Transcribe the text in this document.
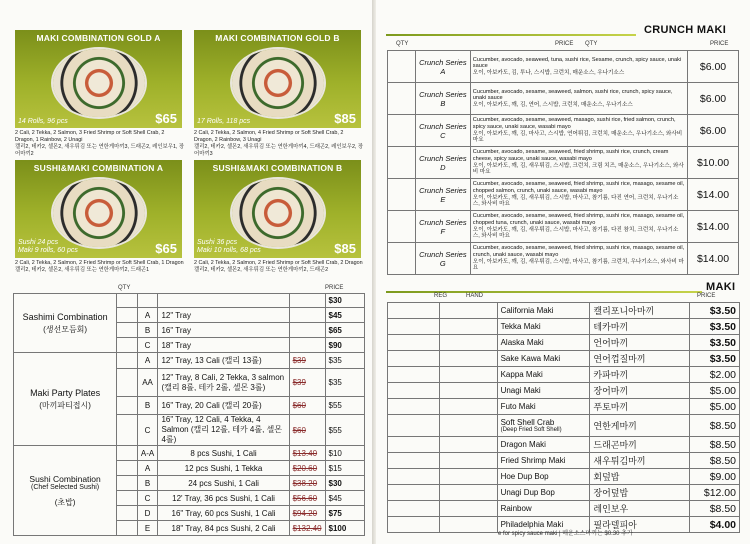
MAKI COMBINATION GOLD A
14 Rolls, 96 pcs	$65
2 Cali, 2 Tekka, 2 Salmon, 3 Fried Shrimp or Soft Shell Crab, 2 Dragon, 1 Rainbow, 2 Unagi
캘리2, 테카2, 셀몬2, 새우튀김 또는 연한게마끼3, 드래곤2, 레인보우1, 장어마끼2
MAKI COMBINATION GOLD B
17 Rolls, 118 pcs	$85
2 Cali, 2 Tekka, 2 Salmon, 4 Fried Shrimp or Soft Shell Crab, 2 Dragon, 2 Rainbow, 3 Unagi
캘리2, 테카2, 셀몬2, 새우튀김 또는 연한게마끼4, 드래곤2, 레인보우2, 장어마끼3
SUSHI&MAKI COMBINATION A
Sushi 24 pcs
Maki 9 rolls, 60 pcs	$65
2 Cali, 2 Tekka, 2 Salmon, 2 Fried Shrimp or Soft Shell Crab, 1 Dragon
캘리2, 테카2, 셀몬2, 새우튀김 또는 연한게마끼2, 드래곤1
SUSHI&MAKI COMBINATION B
Sushi 36 pcs
Maki 10 rolls, 68 pcs	$85
2 Cali, 2 Tekka, 2 Salmon, 2 Fried Shrimp or Soft Shell Crab, 2 Dragon
캘리2, 테카2, 셀몬2, 새우튀김 또는 연한게마끼2, 드래곤2
QTY	PRICE
Sashimi Combination
(생선모듬회)					$30
		A	12" Tray		$45
		B	16" Tray		$65
		C	18" Tray		$90

Maki Party Plates
(마끼파티접시)		A	12" Tray, 13 Cali (캘리 13롤)	$39	$35
		AA	12" Tray, 8 Cali, 2 Tekka, 3 salmon (캘리 8롤, 테카 2롤, 셀몬 3롤)	$39	$35
		B	16" Tray, 20 Cali (캘리 20롤)	$60	$55
		C	16" Tray, 12 Cali, 4 Tekka, 4 Salmon (캘리 12롤, 테카 4롤, 셀몬 4롤)	$60	$55

Sushi Combination
(Chef Selected Sushi)
(초밥)		A-A	8 pcs Sushi, 1 Cali	$13.40	$10
		A	12 pcs Sushi, 1 Tekka	$20.60	$15
		B	24 pcs Sushi, 1 Cali	$38.20	$30
		C	12' Tray, 36 pcs Sushi, 1 Cali	$56.60	$45
		D	16" Tray, 60 pcs Sushi, 1 Cali	$94.20	$75
		E	18" Tray, 84 pcs Sushi, 2 Cali	$132.40	$100
CRUNCH MAKI
QTY	PRICE QTY	PRICE
	Crunch Series A	Cucumber, avocado, seaweed, tuna, sushi rice, Sesame, crunch, spicy sauce, unaki sauce
오이, 아보카도, 김, 투나, 스시밥, 크런치, 매운소스, 우나기소스	$6.00
	Crunch Series B	Cucumber, avocado, sesame, seaweed, salmon, sushi rice, crunch, spicy sauce, unaki sauce
오이, 아보카도, 깨, 김, 연어, 스시밥, 크런치, 매운소스, 우나기소스	$6.00
	Crunch Series C	Cucumber, avocado, sesame, seaweed, masago, sushi rice, fried salmon, crunch, spicy sauce, unaki sauce, wasabi mayo
오이, 아보카도, 깨, 김, 마사고, 스시밥, 연어튀김, 크런치, 매운소스, 우나기소스, 와사비 마요	$6.00
	Crunch Series D	Cucumber, avocado, sesame, seaweed, fried shrimp, sushi rice, crunch, cream cheese, spicy sauce, unaki sauce, wasabi mayo
오이, 아보카도, 깨, 김, 새우튀김, 스시밥, 크런치, 크림 치즈, 매운소스, 우나기소스, 와사비 마요	$10.00
	Crunch Series E	Cucumber, avocado, sesame, seaweed, fried shrimp, sushi rice, masago, sesame oil, chopped salmon, crunch, unaki sauce, wasabi mayo
오이, 아보카도, 깨, 김, 새우튀김, 스시밥, 마사고, 참기름, 다진 연어, 크런치, 우나기소스, 와사비 마요	$14.00
	Crunch Series F	Cucumber, avocado, sesame, seaweed, fried shrimp, sushi rice, masago, sesame oil, chopped tuna, crunch, unaki sauce, wasabi mayo
오이, 아보카도, 깨, 김, 새우튀김, 스시밥, 마사고, 참기름, 다진 참치, 크런치, 우나기소스, 와사비 마요	$14.00
	Crunch Series G	Cucumber, avocado, sesame, seaweed, fried shrimp, sushi rice, masago, sesame oil, crunch, unaki sauce, wasabi mayo
오이, 아보카도, 깨, 김, 새우튀김, 스시밥, 마사고, 참기름, 크런치, 우나기소스, 와사비 마요	$14.00
MAKI
REG	HAND	PRICE

		California Maki	캘리포니아마끼	$3.50

		Tekka Maki	테카마끼	$3.50

		Alaska Maki	언어마끼	$3.50

		Sake Kawa Maki	연어껍질마끼	$3.50

		Kappa Maki	카파마끼	$2.00

		Unagi Maki	장어마끼	$5.00

		Futo Maki	푸토마끼	$5.00

		Soft Shell Crab
(Deep Fried Soft Shell)	연한게마끼	$8.50

		Dragon Maki	드래곤마끼	$8.50

		Fried Shrimp Maki	새우튀김마끼	$8.50

		Hoe Dup Bop	회덮밥	$9.00

		Unagi Dup Bop	장어덮밥	$12.00

		Rainbow	레인보우	$8.50

		Philadelphia Maki	필라델피아	$4.00
e for spicy sauce maki | 매운소스마끼는 $0.30 추가
